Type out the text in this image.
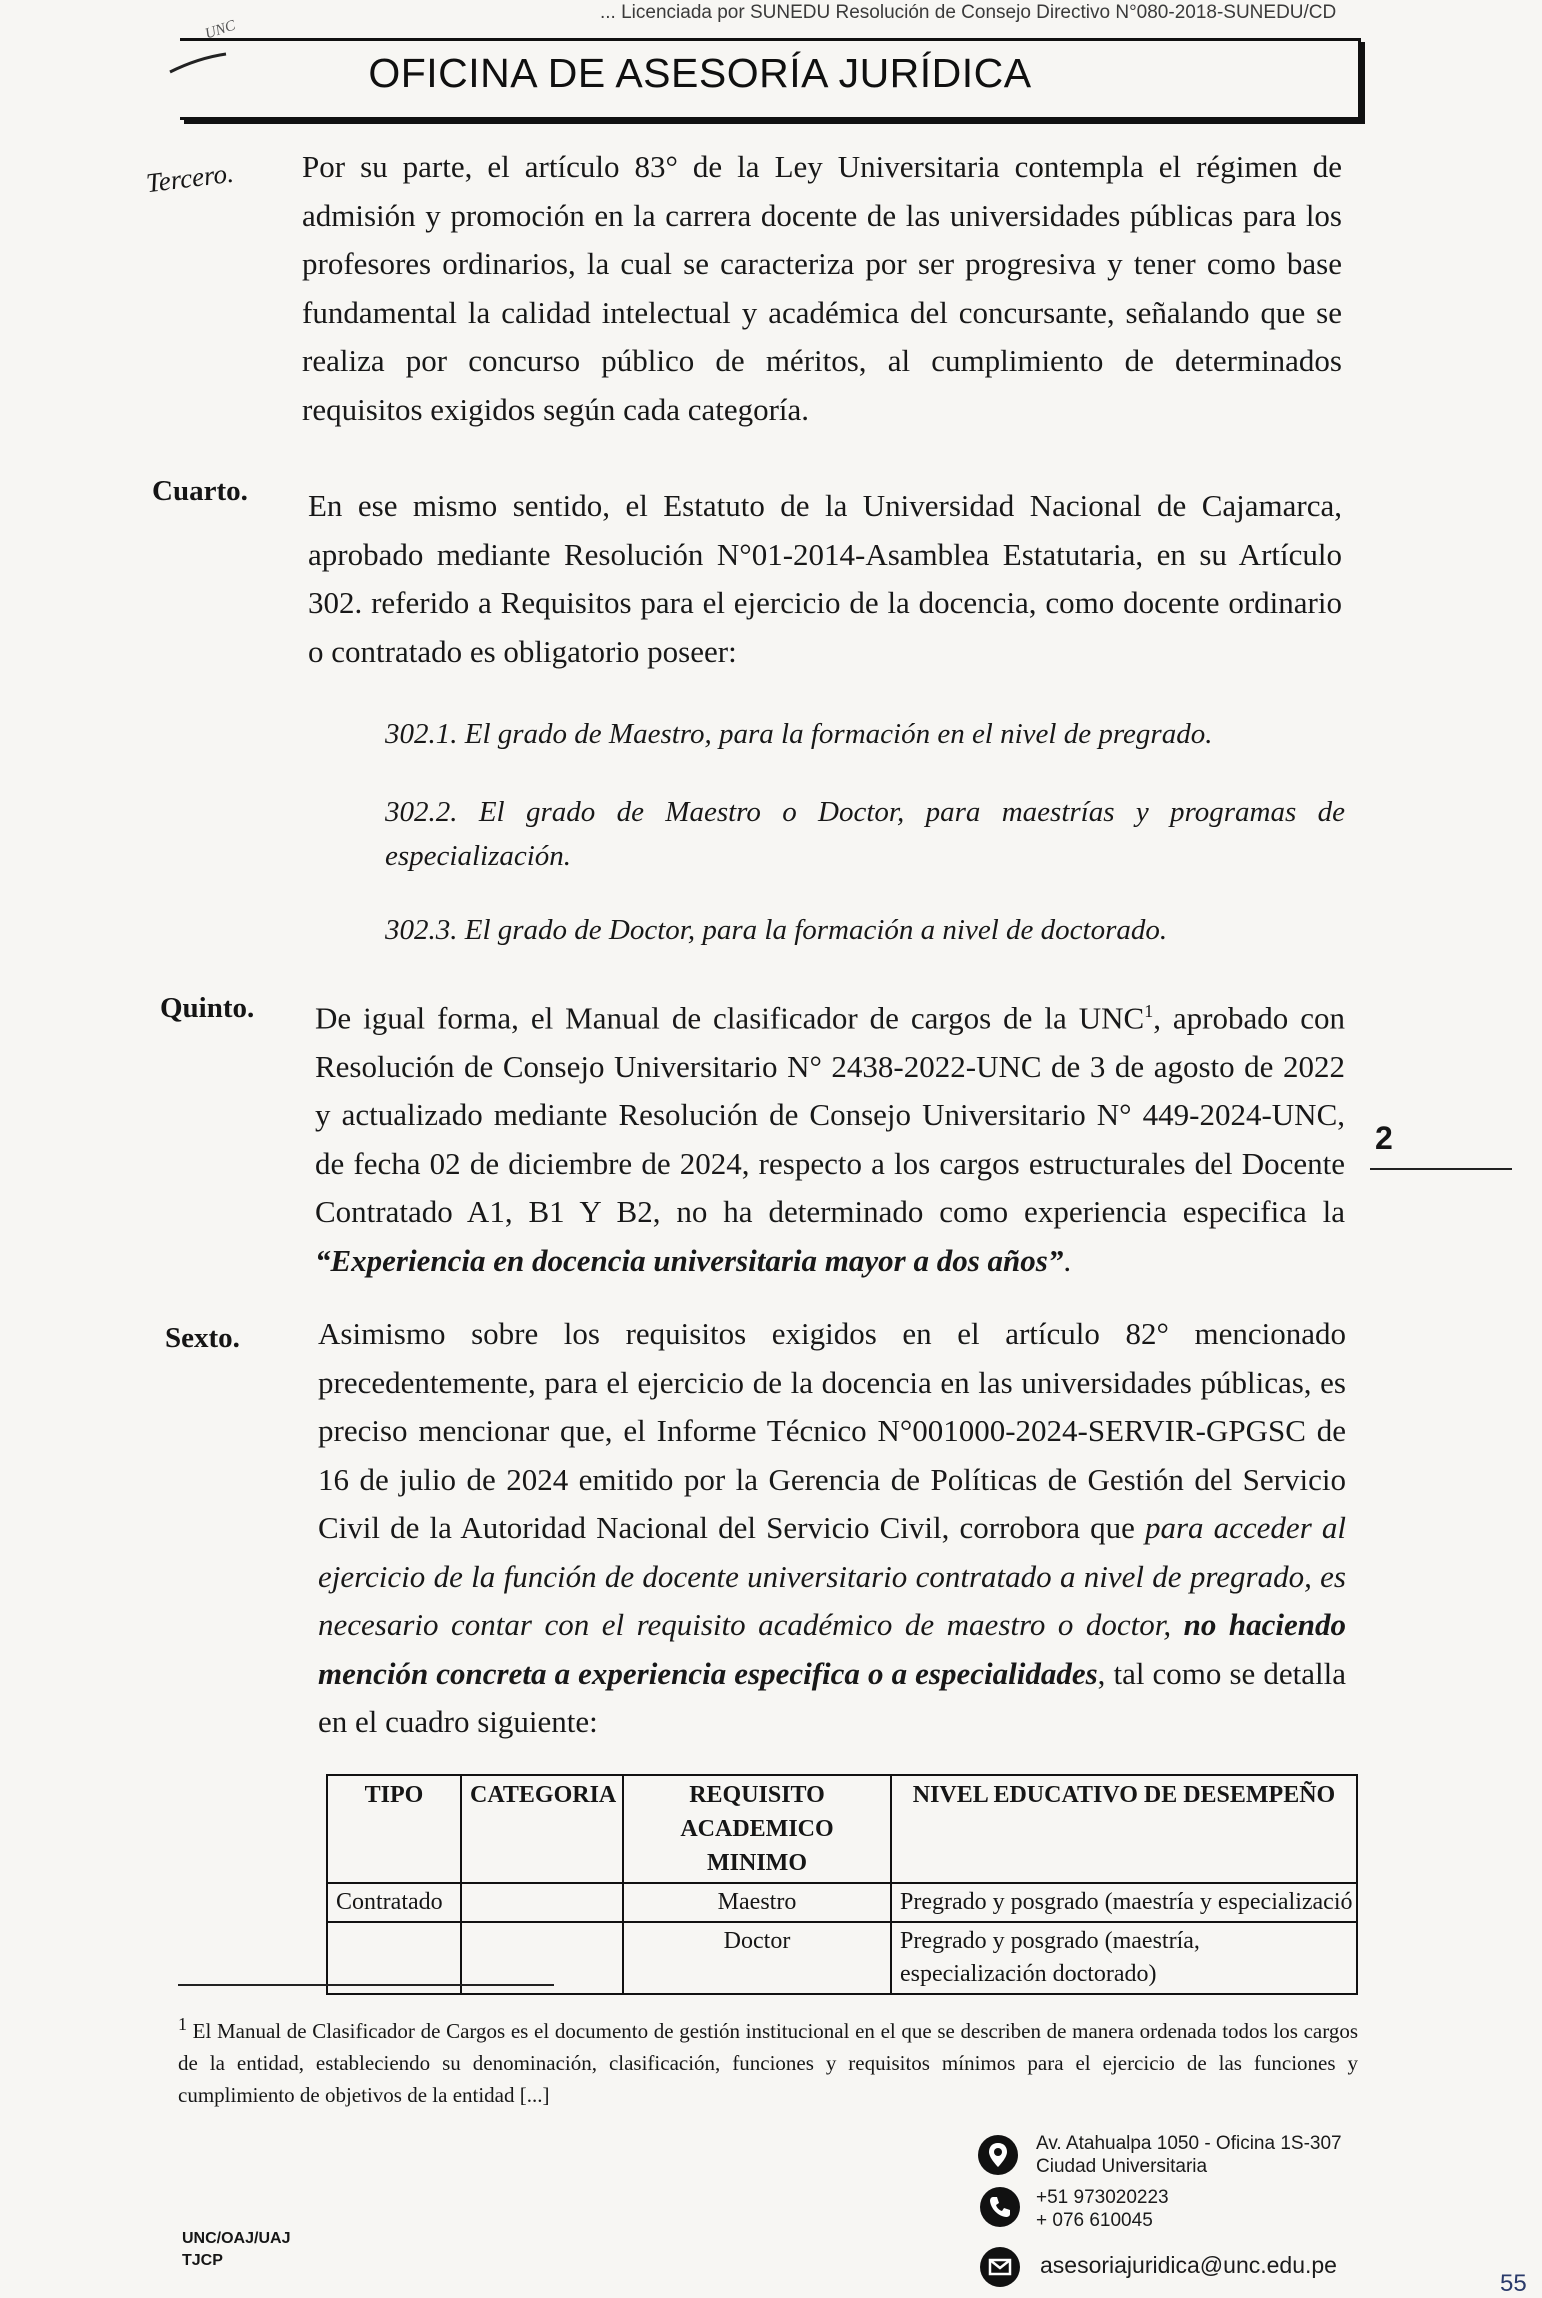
... Licenciada por SUNEDU Resolución de Consejo Directivo N°080-2018-SUNEDU/CD
UNC
OFICINA DE ASESORÍA JURÍDICA
Tercero. Por su parte, el artículo 83° de la Ley Universitaria contempla el régimen de admisión y promoción en la carrera docente de las universidades públicas para los profesores ordinarios, la cual se caracteriza por ser progresiva y tener como base fundamental la calidad intelectual y académica del concursante, señalando que se realiza por concurso público de méritos, al cumplimiento de determinados requisitos exigidos según cada categoría.
Cuarto. En ese mismo sentido, el Estatuto de la Universidad Nacional de Cajamarca, aprobado mediante Resolución N°01-2014-Asamblea Estatutaria, en su Artículo 302. referido a Requisitos para el ejercicio de la docencia, como docente ordinario o contratado es obligatorio poseer:
302.1. El grado de Maestro, para la formación en el nivel de pregrado.
302.2. El grado de Maestro o Doctor, para maestrías y programas de especialización.
302.3. El grado de Doctor, para la formación a nivel de doctorado.
Quinto. De igual forma, el Manual de clasificador de cargos de la UNC$^1$, aprobado con Resolución de Consejo Universitario N° 2438-2022-UNC de 3 de agosto de 2022 y actualizado mediante Resolución de Consejo Universitario N° 449-2024-UNC, de fecha 02 de diciembre de 2024, respecto a los cargos estructurales del Docente Contratado A1, B1 Y B2, no ha determinado como experiencia especifica la “Experiencia en docencia universitaria mayor a dos años”.
2
Sexto.	Asimismo sobre los requisitos exigidos en el artículo 82° mencionado precedentemente, para el ejercicio de la docencia en las universidades públicas, es preciso mencionar que, el Informe Técnico N°001000-2024-SERVIR-GPGSC de 16 de julio de 2024 emitido por la Gerencia de Políticas de Gestión del Servicio Civil de la Autoridad Nacional del Servicio Civil, corrobora que para acceder al ejercicio de la función de docente universitario contratado a nivel de pregrado, es necesario contar con el requisito académico de maestro o doctor, no haciendo mención concreta a experiencia especifica o a especialidades, tal como se detalla en el cuadro siguiente:
TIPO	CATEGORIA	REQUISITO ACADEMICO MINIMO	NIVEL EDUCATIVO DE DESEMPEÑO
Contratado		Maestro	Pregrado y posgrado (maestría y especializació
		Doctor	Pregrado y posgrado (maestría, especialización doctorado)
$^1$ El Manual de Clasificador de Cargos es el documento de gestión institucional en el que se describen de manera ordenada todos los cargos de la entidad, estableciendo su denominación, clasificación, funciones y requisitos mínimos para el ejercicio de las funciones y cumplimiento de objetivos de la entidad [...]
Av. Atahualpa 1050 - Oficina 1S-307
Ciudad Universitaria
+51 973020223
+ 076 610045
asesoriajuridica@unc.edu.pe
UNC/OAJ/UAJ
TJCP
55
